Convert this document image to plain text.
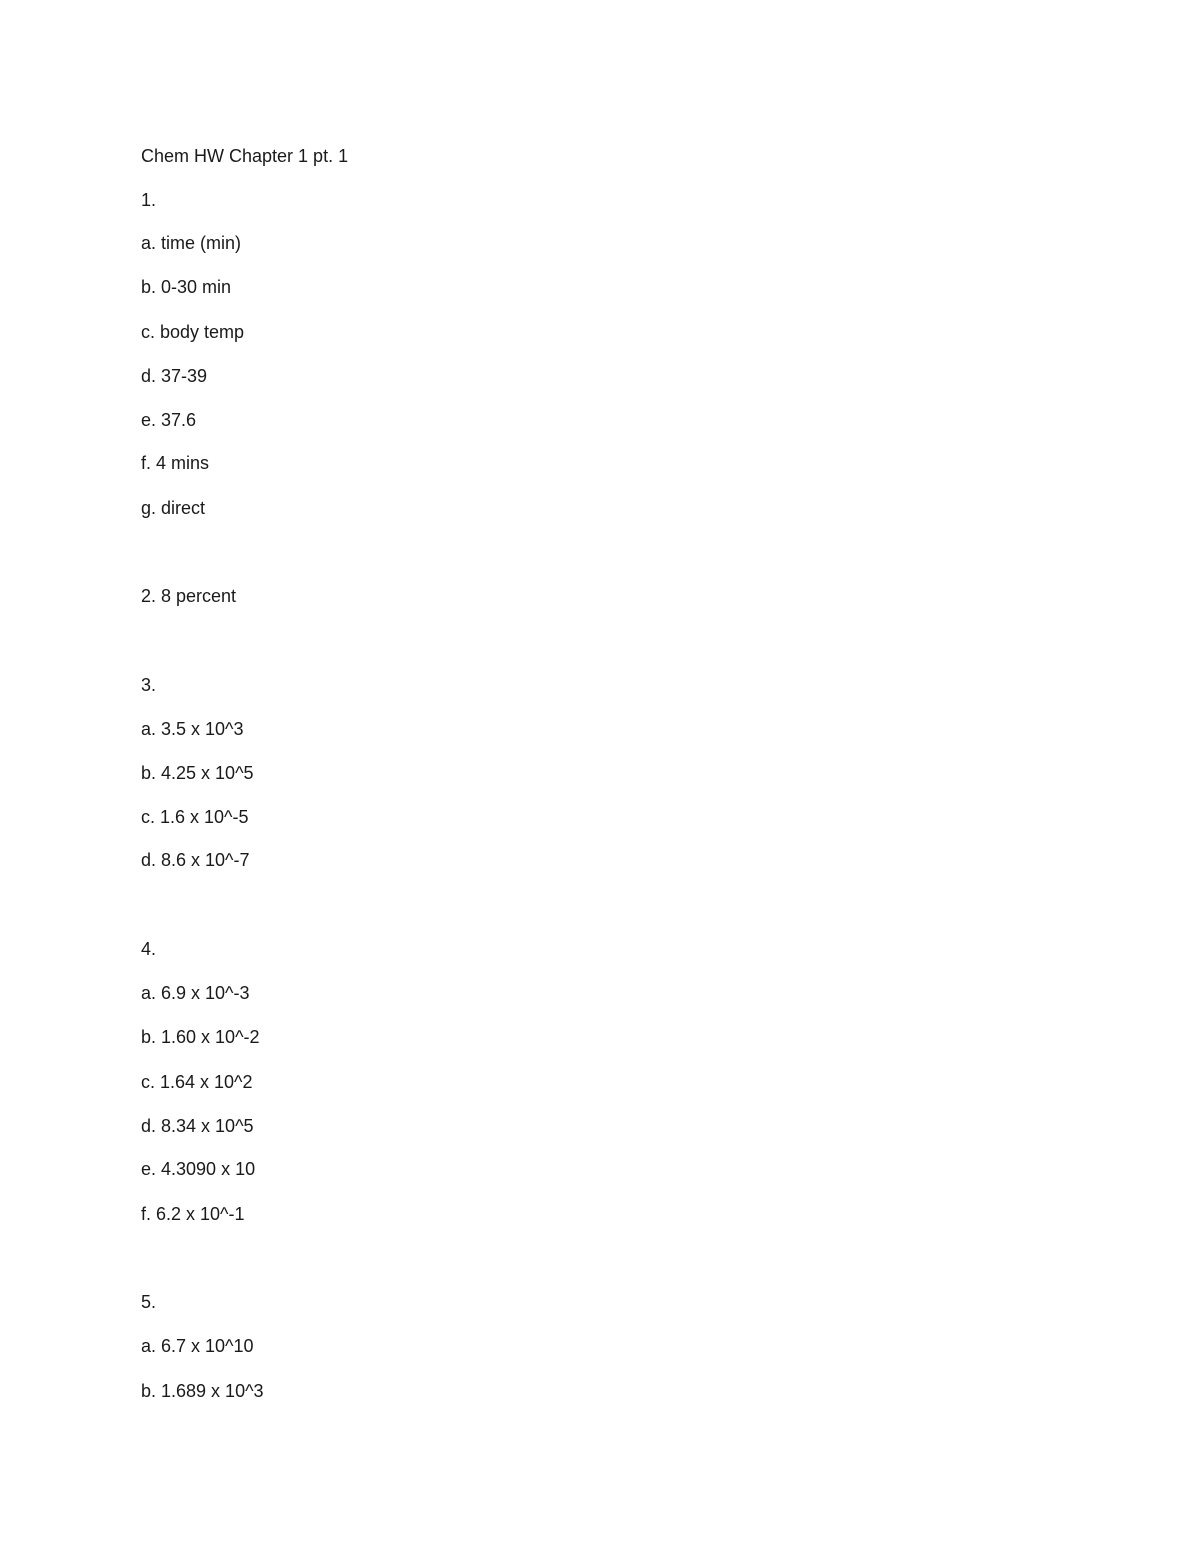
Chem HW Chapter 1 pt. 1
1.
a. time (min)
b. 0-30 min
c. body temp
d. 37-39
e. 37.6
f. 4 mins
g. direct
2. 8 percent
3.
a. 3.5 x 10^3
b. 4.25 x 10^5
c. 1.6 x 10^-5
d. 8.6 x 10^-7
4.
a. 6.9 x 10^-3
b. 1.60 x 10^-2
c. 1.64 x 10^2
d. 8.34 x 10^5
e. 4.3090 x 10
f. 6.2 x 10^-1
5.
a. 6.7 x 10^10
b. 1.689 x 10^3
